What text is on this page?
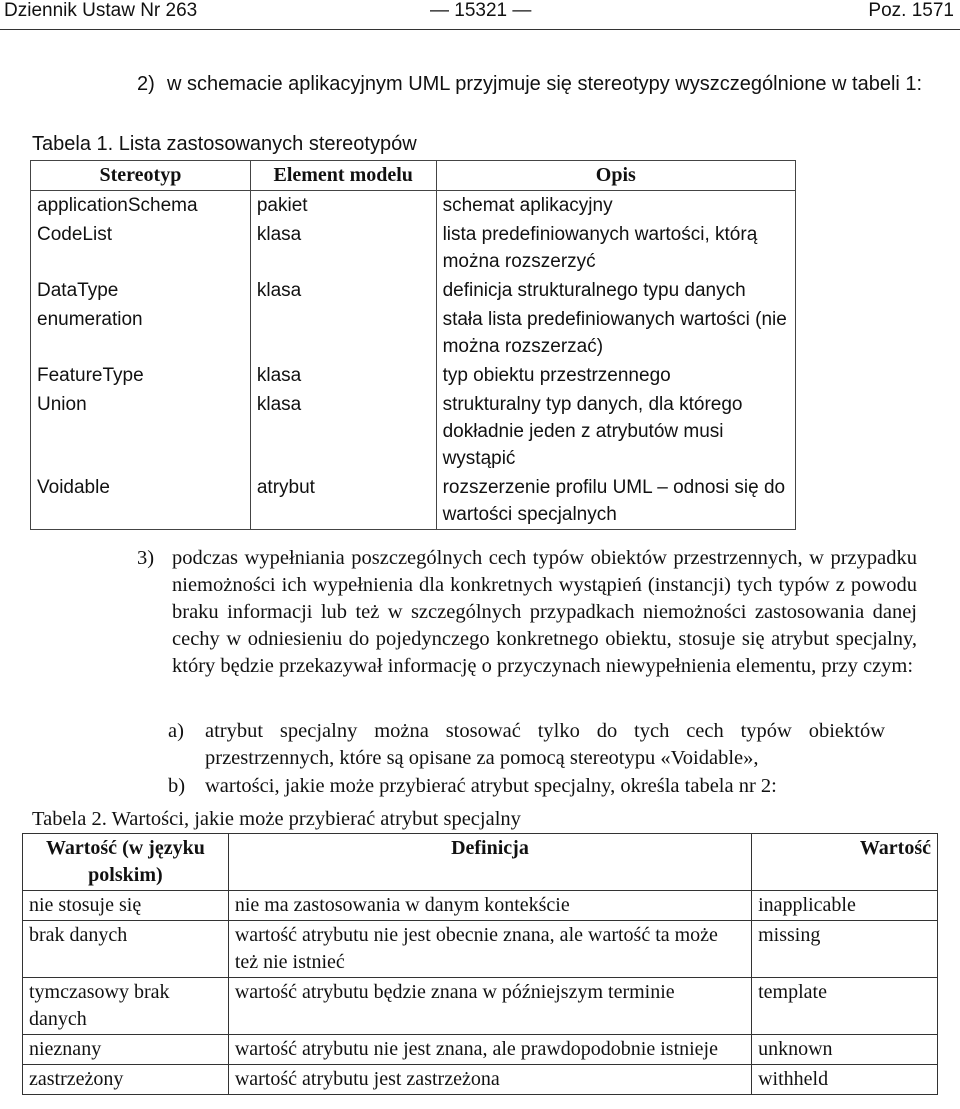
Dziennik Ustaw Nr 263	— 15321 —	Poz. 1571
2) w schemacie aplikacyjnym UML przyjmuje się stereotypy wyszczególnione w tabeli 1:
Tabela 1. Lista zastosowanych stereotypów
Stereotyp	Element modelu	Opis
applicationSchema	pakiet	schemat aplikacyjny
CodeList	klasa	lista predefiniowanych wartości, którą można rozszerzyć
DataType	klasa	definicja strukturalnego typu danych
enumeration		stała lista predefiniowanych wartości (nie można rozszerzać)
FeatureType	klasa	typ obiektu przestrzennego
Union	klasa	strukturalny typ danych, dla którego dokładnie jeden z atrybutów musi wystąpić
Voidable	atrybut	rozszerzenie profilu UML – odnosi się do wartości specjalnych
3) podczas wypełniania poszczególnych cech typów obiektów przestrzennych, w przypadku niemożności ich wypełnienia dla konkretnych wystąpień (instancji) tych typów z powodu braku informacji lub też w szczególnych przypadkach niemożności zastosowania danej cechy w odniesieniu do pojedynczego konkretnego obiektu, stosuje się atrybut specjalny, który będzie przekazywał informację o przyczynach niewypełnienia elementu, przy czym:
a) atrybut specjalny można stosować tylko do tych cech typów obiektów przestrzennych, które są opisane za pomocą stereotypu «Voidable»,
b) wartości, jakie może przybierać atrybut specjalny, określa tabela nr 2:
Tabela 2. Wartości, jakie może przybierać atrybut specjalny
Wartość (w języku polskim)	Definicja	Wartość
nie stosuje się	nie ma zastosowania w danym kontekście	inapplicable
brak danych	wartość atrybutu nie jest obecnie znana, ale wartość ta może też nie istnieć	missing
tymczasowy brak danych	wartość atrybutu będzie znana w późniejszym terminie	template
nieznany	wartość atrybutu nie jest znana, ale prawdopodobnie istnieje	unknown
zastrzeżony	wartość atrybutu jest zastrzeżona	withheld
